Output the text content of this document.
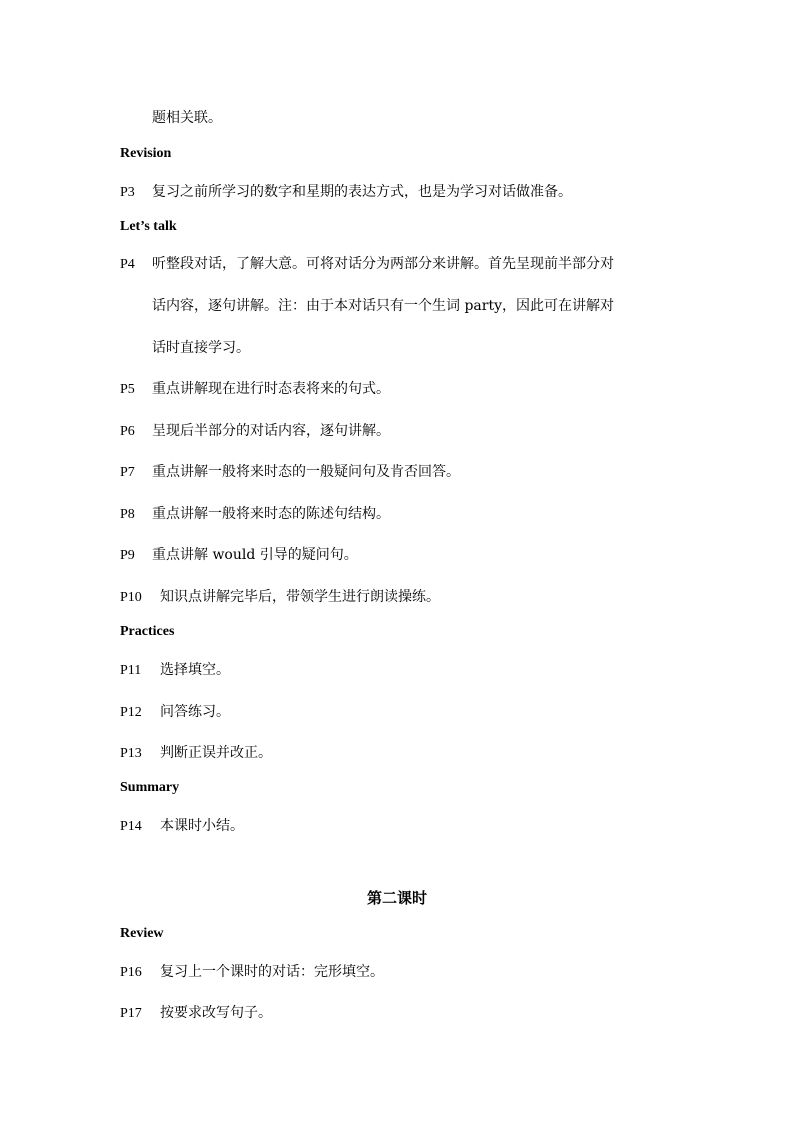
题相关联。
Revision
P3 复习之前所学习的数字和星期的表达方式，也是为学习对话做准备。
Let’s talk
P4 听整段对话，了解大意。可将对话分为两部分来讲解。首先呈现前半部分对
话内容，逐句讲解。注：由于本对话只有一个生词 party，因此可在讲解对
话时直接学习。
P5 重点讲解现在进行时态表将来的句式。
P6 呈现后半部分的对话内容，逐句讲解。
P7 重点讲解一般将来时态的一般疑问句及肯否回答。
P8 重点讲解一般将来时态的陈述句结构。
P9 重点讲解 would 引导的疑问句。
P10 知识点讲解完毕后，带领学生进行朗读操练。
Practices
P11 选择填空。
P12 问答练习。
P13 判断正误并改正。
Summary
P14 本课时小结。
第二课时
Review
P16 复习上一个课时的对话：完形填空。
P17 按要求改写句子。
